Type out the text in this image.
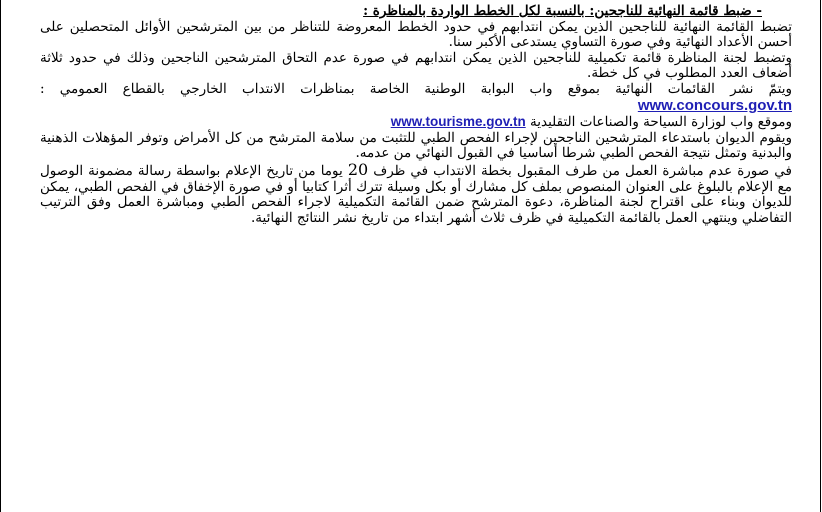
- ضبط قائمة النهائية للناجحين: بالنسبة لكل الخطط الواردة بالمناظرة :

تضبط القائمة النهائية للناجحين الذين يمكن انتدابهم في حدود الخطط المعروضة للتناظر من بين المترشحين الأوائل المتحصلين على أحسن الأعداد النهائية وفي صورة التساوي يستدعى الأكبر سنا.

وتضبط لجنة المناظرة قائمة تكميلية للناجحين الذين يمكن انتدابهم في صورة عدم التحاق المترشحين الناجحين وذلك في حدود ثلاثة أضعاف العدد المطلوب في كل خطة.

ويتمّ نشر القائمات النهائية بموقع واب البوابة الوطنية الخاصة بمناظرات الانتداب الخارجي بالقطاع العمومي : www.concours.gov.tn
وموقع واب لوزارة السياحة والصناعات التقليدية www.tourisme.gov.tn

ويقوم الديوان باستدعاء المترشحين الناجحين لإجراء الفحص الطبي للتثبت من سلامة المترشح من كل الأمراض وتوفر المؤهلات الذهنية والبدنية وتمثل نتيجة الفحص الطبي شرطا أساسيا في القبول النهائي من عدمه.

في صورة عدم مباشرة العمل من طرف المقبول بخطة الانتداب في ظرف 20 يوما من تاريخ الإعلام بواسطة رسالة مضمونة الوصول مع الإعلام بالبلوغ على العنوان المنصوص بملف كل مشارك أو بكل وسيلة تترك أثرا كتابيا أو في صورة الإخفاق في الفحص الطبي، يمكن للديوان وبناء على اقتراح لجنة المناظرة، دعوة المترشح ضمن القائمة التكميلية لاجراء الفحص الطبي ومباشرة العمل وفق الترتيب التفاضلي وينتهي العمل بالقائمة التكميلية في ظرف ثلاث أشهر ابتداء من تاريخ نشر النتائج النهائية.
